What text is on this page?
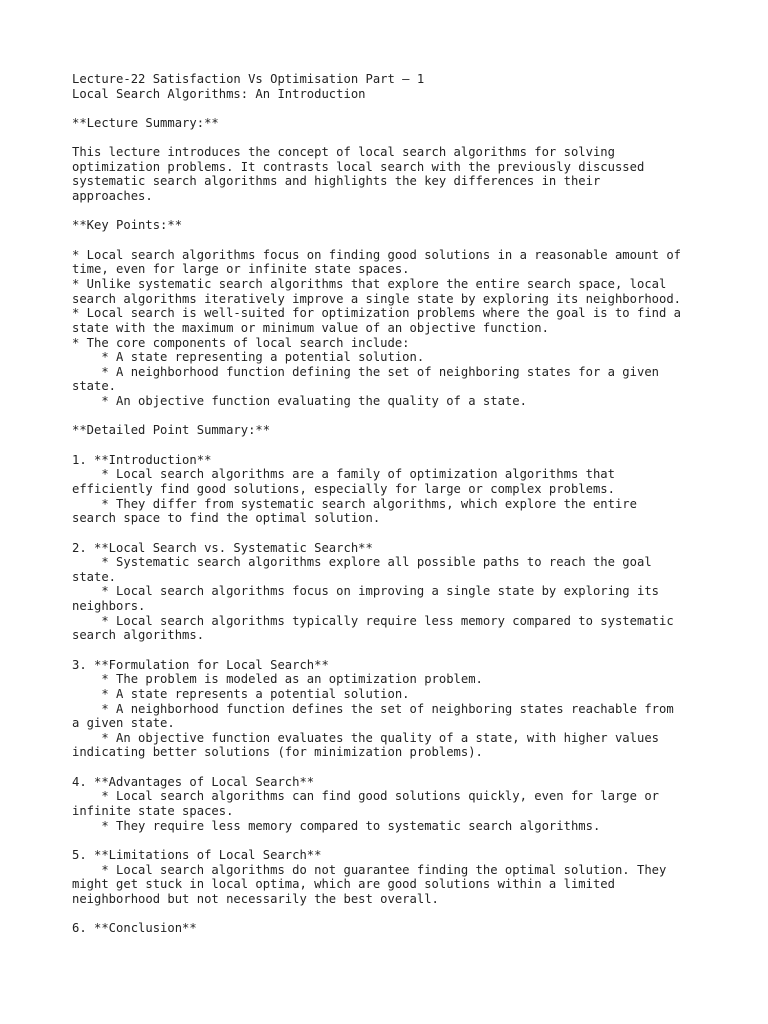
Lecture-22 Satisfaction Vs Optimisation Part – 1
Local Search Algorithms: An Introduction
**Lecture Summary:**
This lecture introduces the concept of local search algorithms for solving
optimization problems. It contrasts local search with the previously discussed
systematic search algorithms and highlights the key differences in their
approaches.
**Key Points:**
* Local search algorithms focus on finding good solutions in a reasonable amount of
time, even for large or infinite state spaces.
* Unlike systematic search algorithms that explore the entire search space, local
search algorithms iteratively improve a single state by exploring its neighborhood.
* Local search is well-suited for optimization problems where the goal is to find a
state with the maximum or minimum value of an objective function.
* The core components of local search include:
* A state representing a potential solution.
* A neighborhood function defining the set of neighboring states for a given
state.
* An objective function evaluating the quality of a state.
**Detailed Point Summary:**
1. **Introduction**
* Local search algorithms are a family of optimization algorithms that
efficiently find good solutions, especially for large or complex problems.
* They differ from systematic search algorithms, which explore the entire
search space to find the optimal solution.
2. **Local Search vs. Systematic Search**
* Systematic search algorithms explore all possible paths to reach the goal
state.
* Local search algorithms focus on improving a single state by exploring its
neighbors.
* Local search algorithms typically require less memory compared to systematic
search algorithms.
3. **Formulation for Local Search**
* The problem is modeled as an optimization problem.
* A state represents a potential solution.
* A neighborhood function defines the set of neighboring states reachable from
a given state.
* An objective function evaluates the quality of a state, with higher values
indicating better solutions (for minimization problems).
4. **Advantages of Local Search**
* Local search algorithms can find good solutions quickly, even for large or
infinite state spaces.
* They require less memory compared to systematic search algorithms.
5. **Limitations of Local Search**
* Local search algorithms do not guarantee finding the optimal solution. They
might get stuck in local optima, which are good solutions within a limited
neighborhood but not necessarily the best overall.
6. **Conclusion**
